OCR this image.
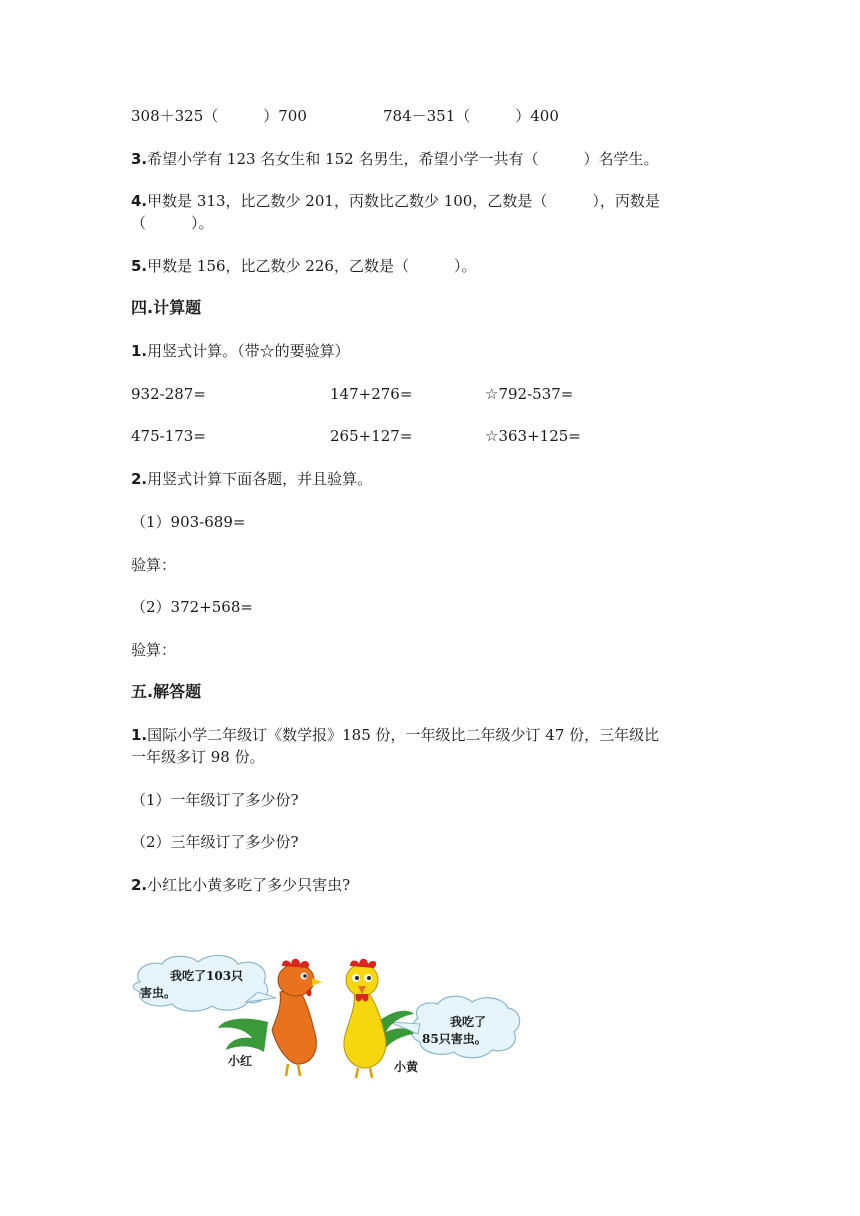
308＋325（　　　）700	784－351（　　　）400
3.希望小学有 123 名女生和 152 名男生，希望小学一共有（　　　）名学生。
4.甲数是 313，比乙数少 201，丙数比乙数少 100，乙数是（　　　），丙数是
（　　　）。
5.甲数是 156，比乙数少 226，乙数是（　　　）。
四.计算题
1.用竖式计算。（带☆的要验算）
932-287=	147+276=	☆792-537=
475-173=	265+127=	☆363+125=
2.用竖式计算下面各题，并且验算。
（1）903-689=
验算：
（2）372+568=
验算：
五.解答题
1.国际小学二年级订《数学报》185 份，一年级比二年级少订 47 份，三年级比
一年级多订 98 份。
（1）一年级订了多少份?
（2）三年级订了多少份?
2.小红比小黄多吃了多少只害虫?
我吃了103只
害虫。
我吃了
85只害虫。
小红	小黄
